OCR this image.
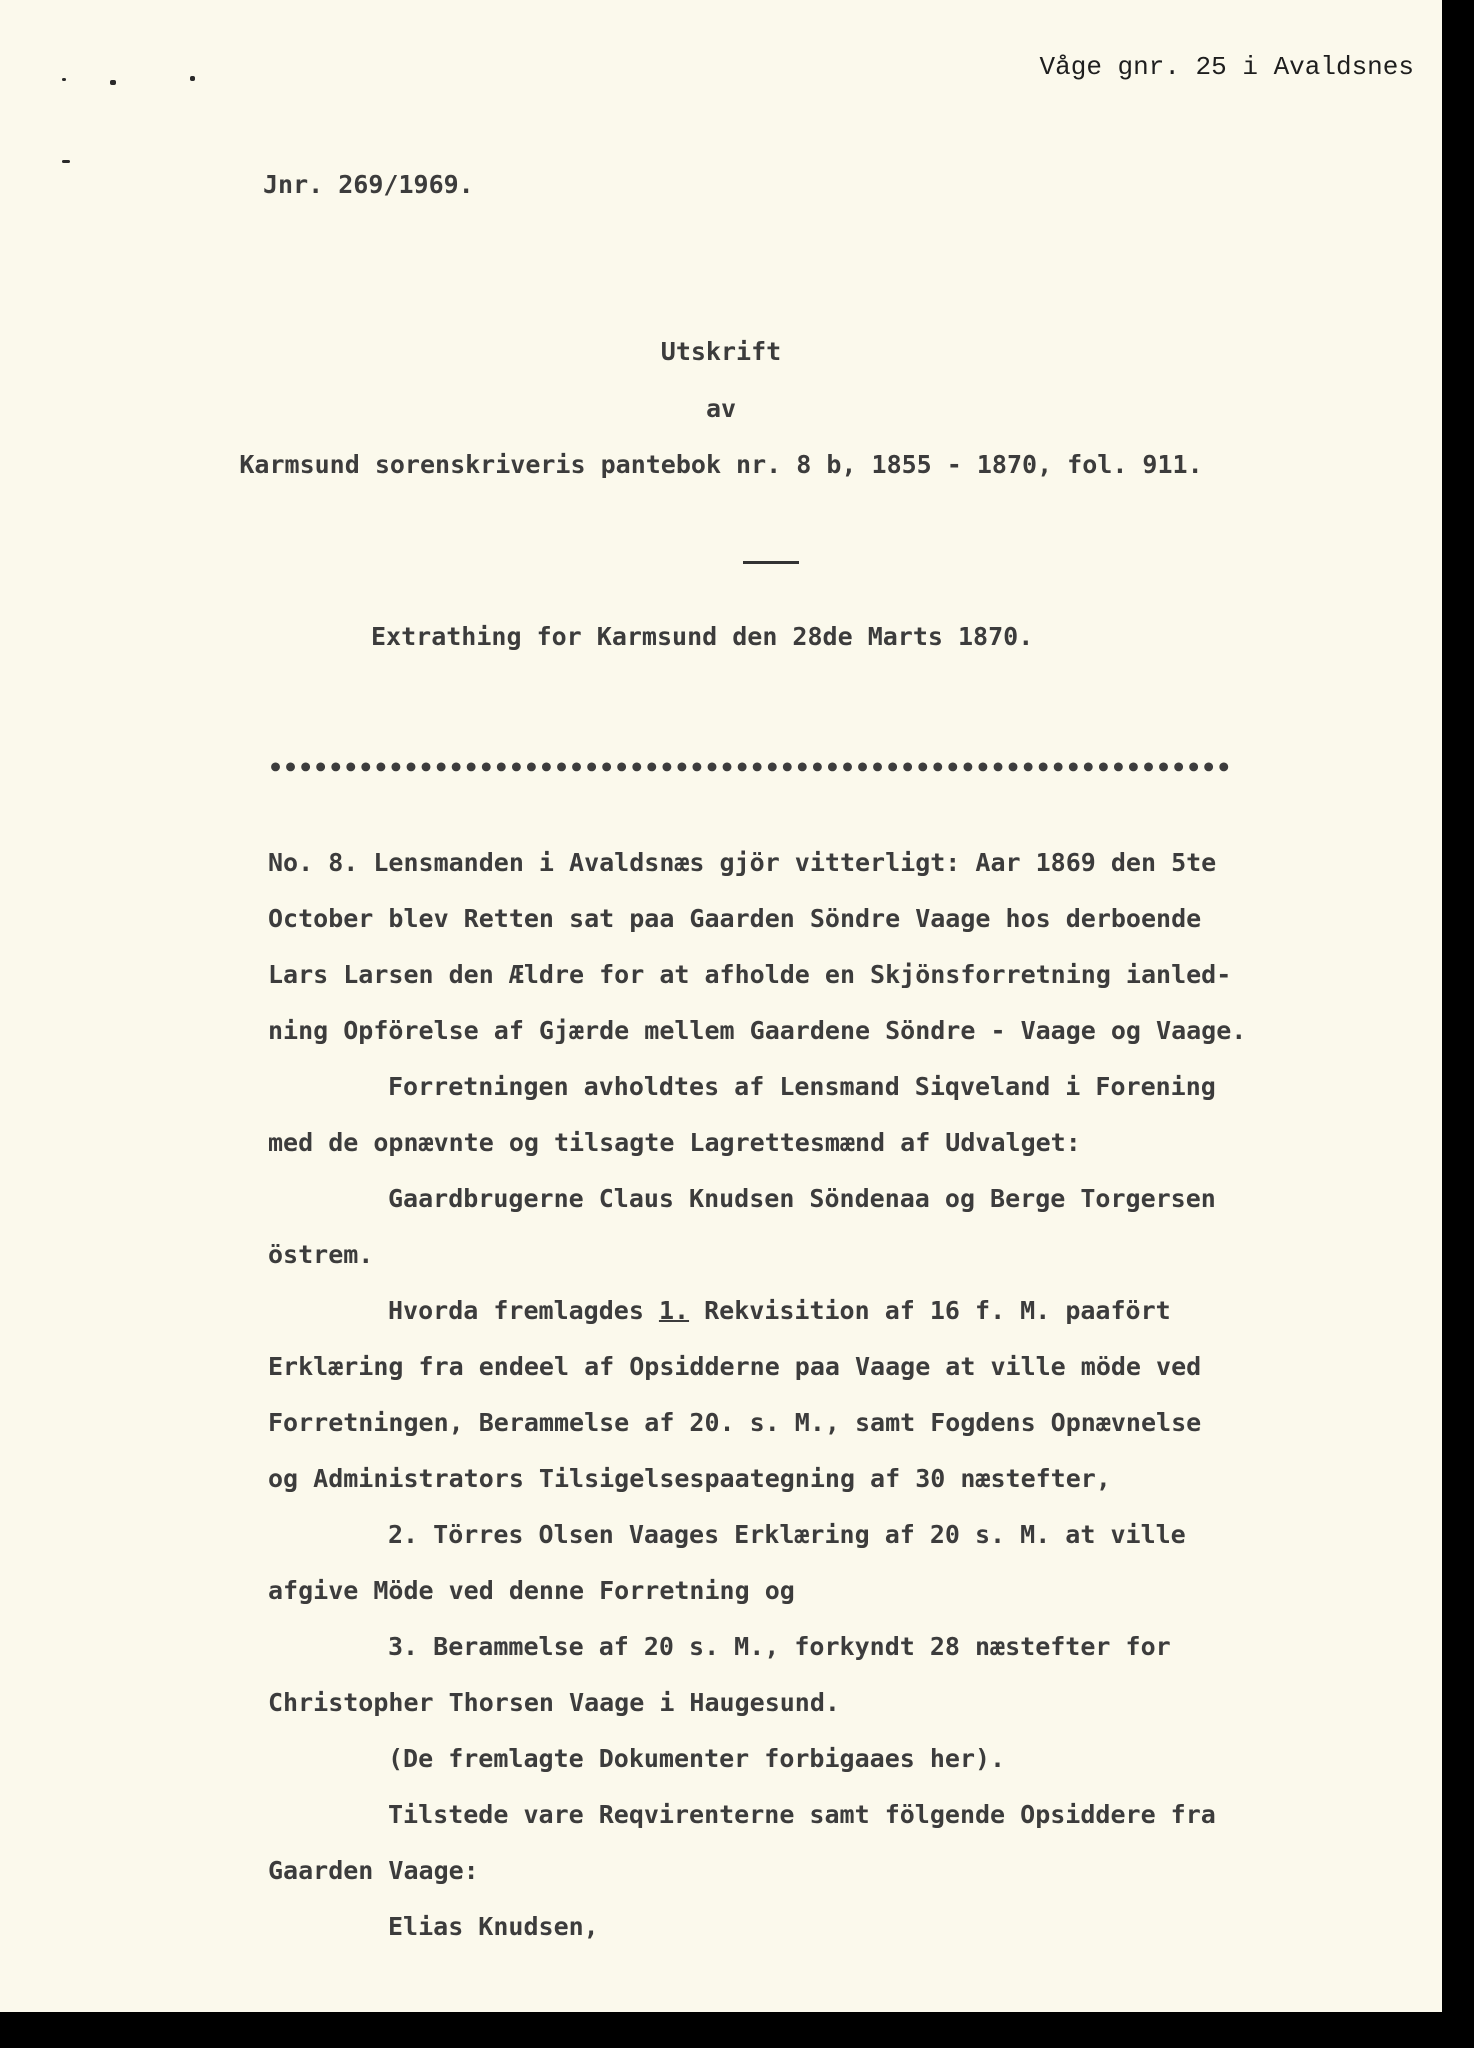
Våge gnr. 25 i Avaldsnes
Jnr. 269/1969.
Utskrift
av
Karmsund sorenskriveris pantebok nr. 8 b, 1855 - 1870, fol. 911.
Extrathing for Karmsund den 28de Marts 1870.
••••••••••••••••••••••••••••••••••••••••••••••••••••••••••••••••
No. 8. Lensmanden i Avaldsnæs gjör vitterligt: Aar 1869 den 5te
October blev Retten sat paa Gaarden Söndre Vaage hos derboende
Lars Larsen den Ældre for at afholde en Skjönsforretning ianled-
ning Opförelse af Gjærde mellem Gaardene Söndre - Vaage og Vaage.
Forretningen avholdtes af Lensmand Siqveland i Forening
med de opnævnte og tilsagte Lagrettesmænd af Udvalget:
Gaardbrugerne Claus Knudsen Söndenaa og Berge Torgersen
östrem.
Hvorda fremlagdes 1. Rekvisition af 16 f. M. paafört
Erklæring fra endeel af Opsidderne paa Vaage at ville möde ved
Forretningen, Berammelse af 20. s. M., samt Fogdens Opnævnelse
og Administrators Tilsigelsespaategning af 30 næstefter,
2. Törres Olsen Vaages Erklæring af 20 s. M. at ville
afgive Möde ved denne Forretning og
3. Berammelse af 20 s. M., forkyndt 28 næstefter for
Christopher Thorsen Vaage i Haugesund.
(De fremlagte Dokumenter forbigaaes her).
Tilstede vare Reqvirenterne samt fölgende Opsiddere fra
Gaarden Vaage:
Elias Knudsen,
